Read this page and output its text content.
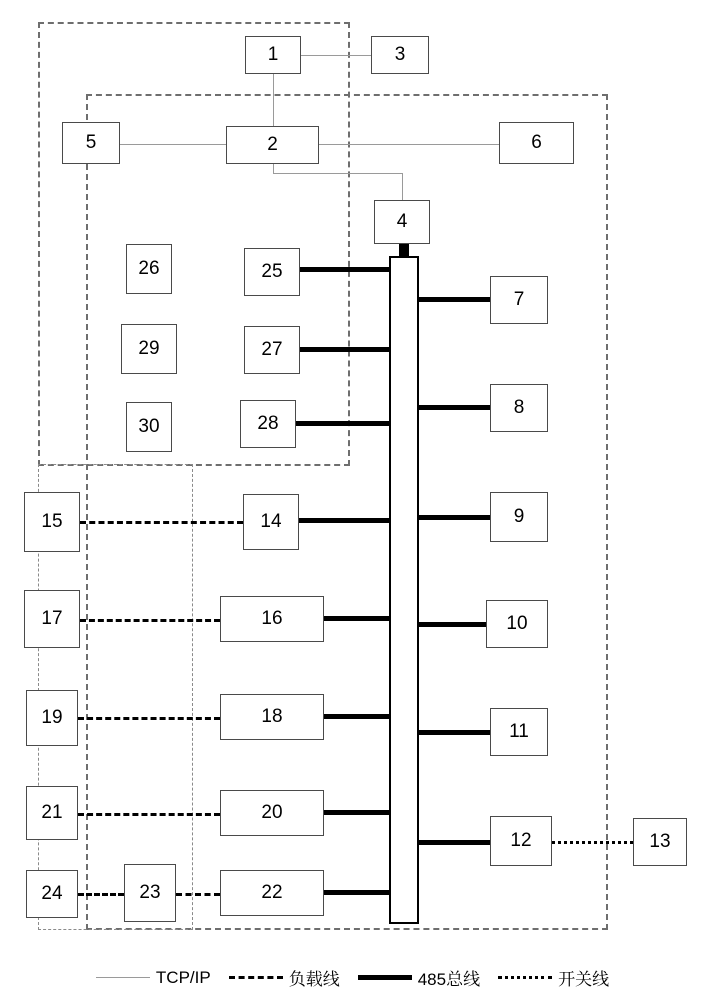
1	3
5	2	6
4
26	25
7
29	27
8
30	28
15	14	9
17	16	10
19	18
11
21	20
12	13
24	23	22
TCP/IP	负载线	485总线	开关线
